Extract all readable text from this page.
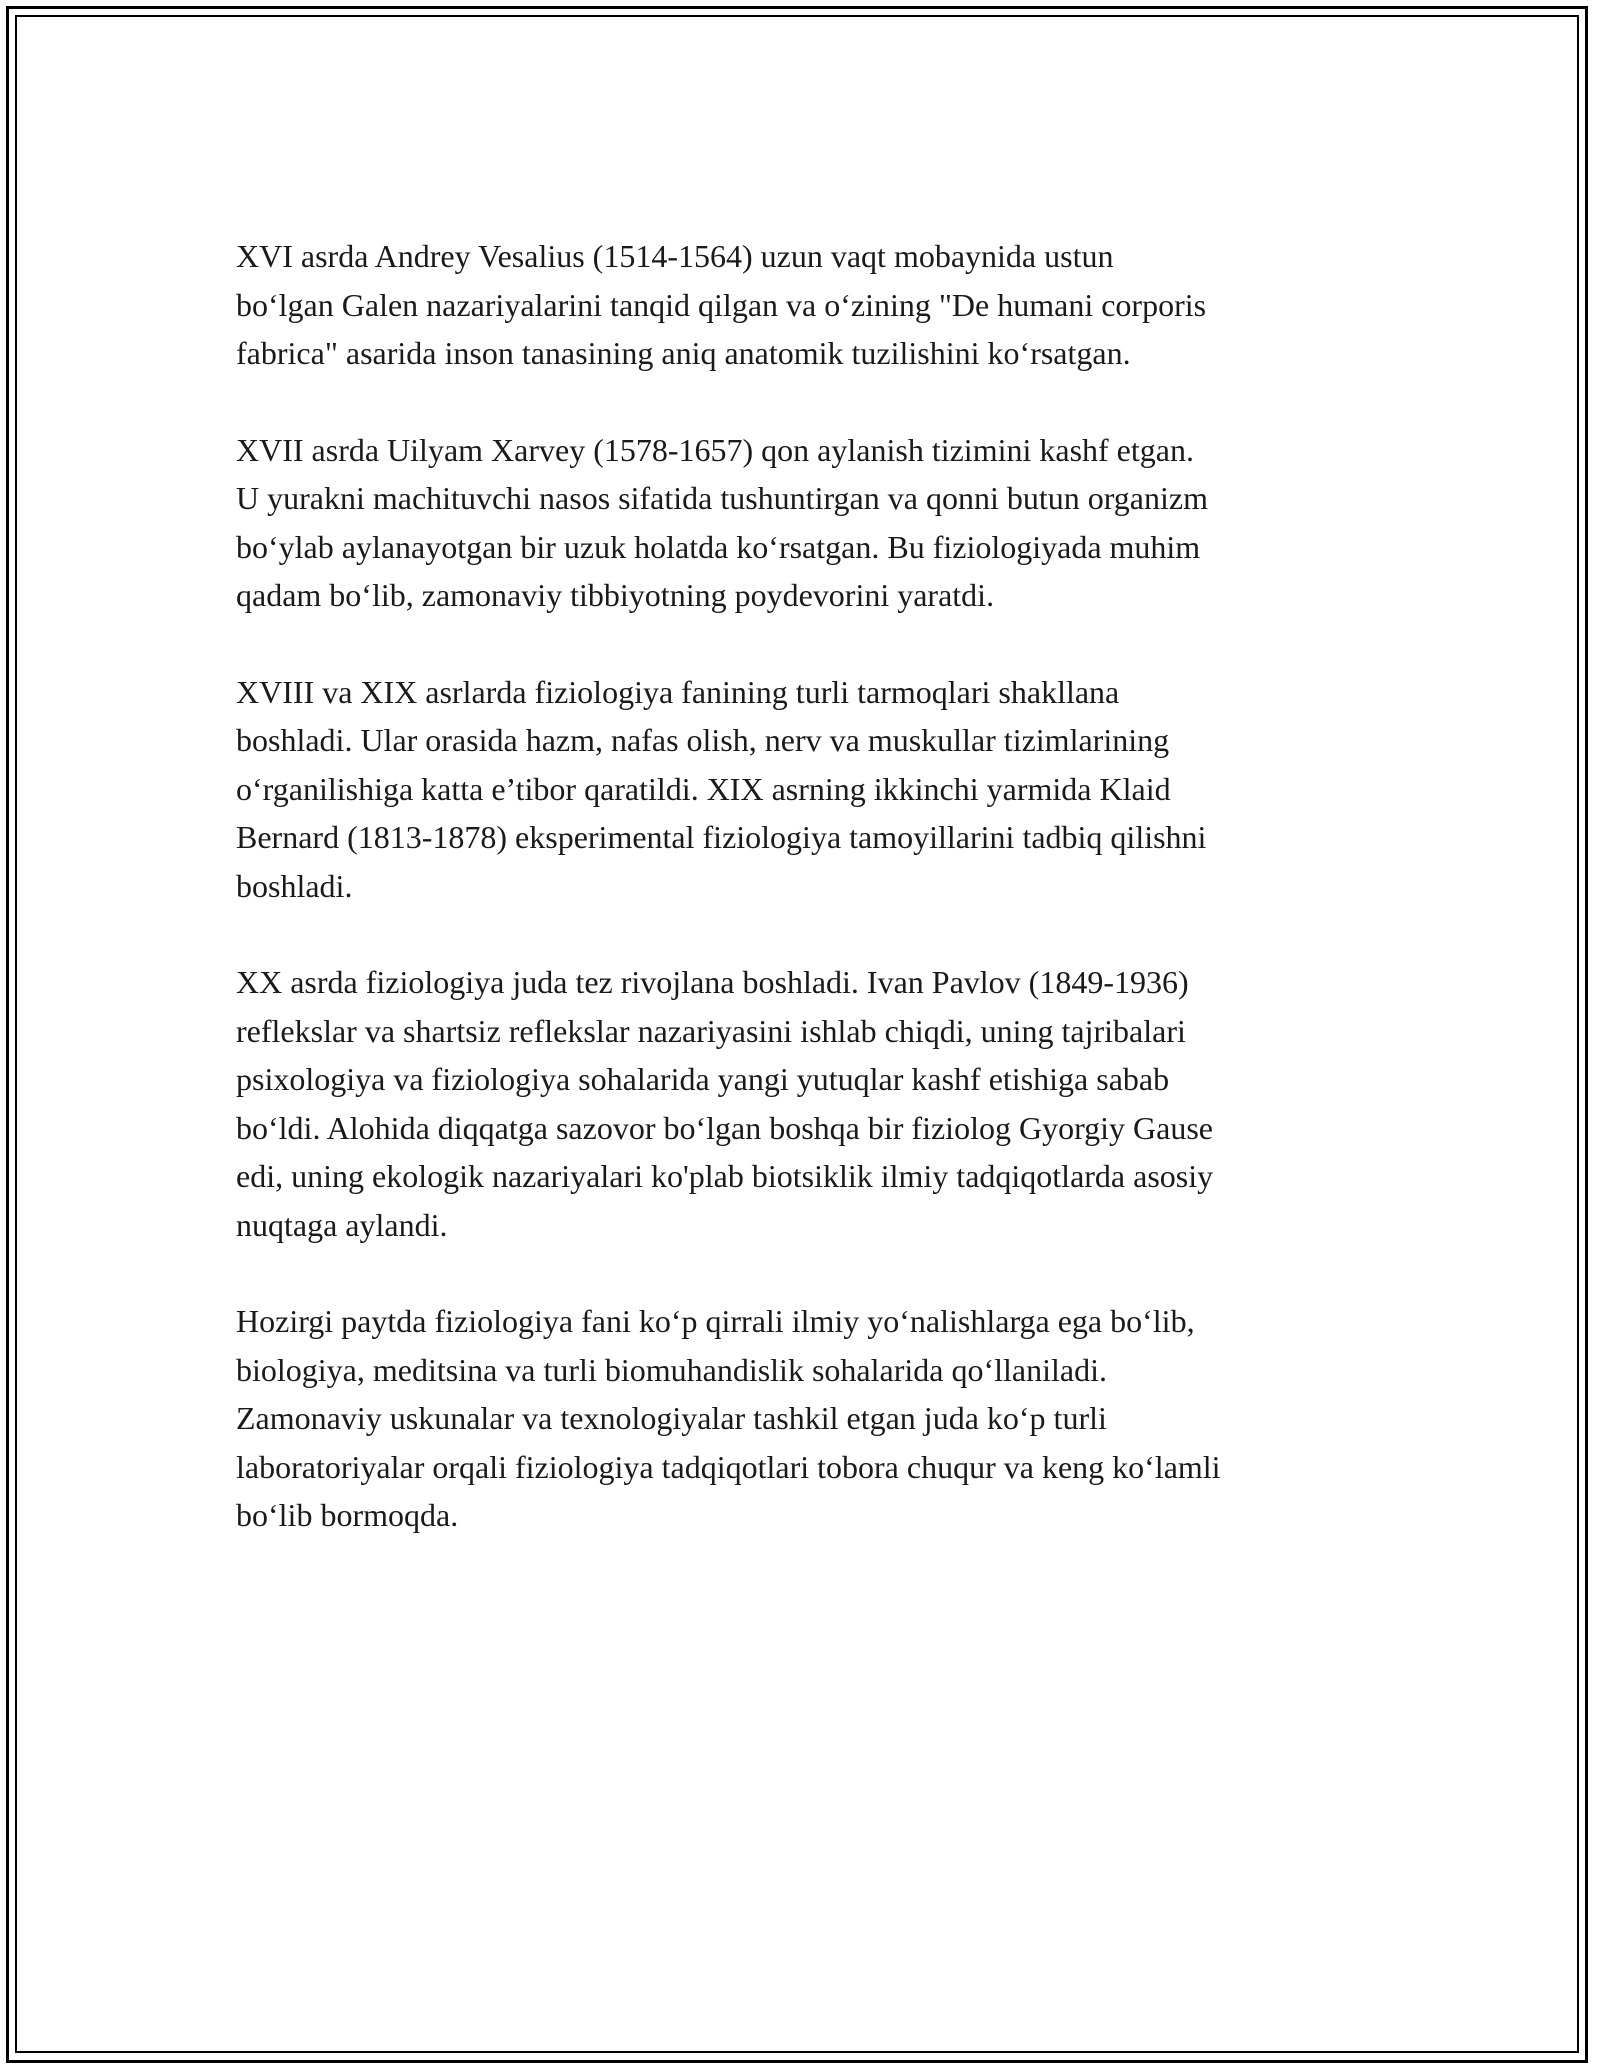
XVI asrda Andrey Vesalius (1514-1564) uzun vaqt mobaynida ustun
bo‘lgan Galen nazariyalarini tanqid qilgan va o‘zining "De humani corporis
fabrica" asarida inson tanasining aniq anatomik tuzilishini ko‘rsatgan.

XVII asrda Uilyam Xarvey (1578-1657) qon aylanish tizimini kashf etgan.
U yurakni machituvchi nasos sifatida tushuntirgan va qonni butun organizm
bo‘ylab aylanayotgan bir uzuk holatda ko‘rsatgan. Bu fiziologiyada muhim
qadam bo‘lib, zamonaviy tibbiyotning poydevorini yaratdi.

XVIII va XIX asrlarda fiziologiya fanining turli tarmoqlari shakllana
boshladi. Ular orasida hazm, nafas olish, nerv va muskullar tizimlarining
o‘rganilishiga katta e’tibor qaratildi. XIX asrning ikkinchi yarmida Klaid
Bernard (1813-1878) eksperimental fiziologiya tamoyillarini tadbiq qilishni
boshladi.

XX asrda fiziologiya juda tez rivojlana boshladi. Ivan Pavlov (1849-1936)
reflekslar va shartsiz reflekslar nazariyasini ishlab chiqdi, uning tajribalari
psixologiya va fiziologiya sohalarida yangi yutuqlar kashf etishiga sabab
bo‘ldi. Alohida diqqatga sazovor bo‘lgan boshqa bir fiziolog Gyorgiy Gause
edi, uning ekologik nazariyalari ko'plab biotsiklik ilmiy tadqiqotlarda asosiy
nuqtaga aylandi.

Hozirgi paytda fiziologiya fani ko‘p qirrali ilmiy yo‘nalishlarga ega bo‘lib,
biologiya, meditsina va turli biomuhandislik sohalarida qo‘llaniladi.
Zamonaviy uskunalar va texnologiyalar tashkil etgan juda ko‘p turli
laboratoriyalar orqali fiziologiya tadqiqotlari tobora chuqur va keng ko‘lamli
bo‘lib bormoqda.
